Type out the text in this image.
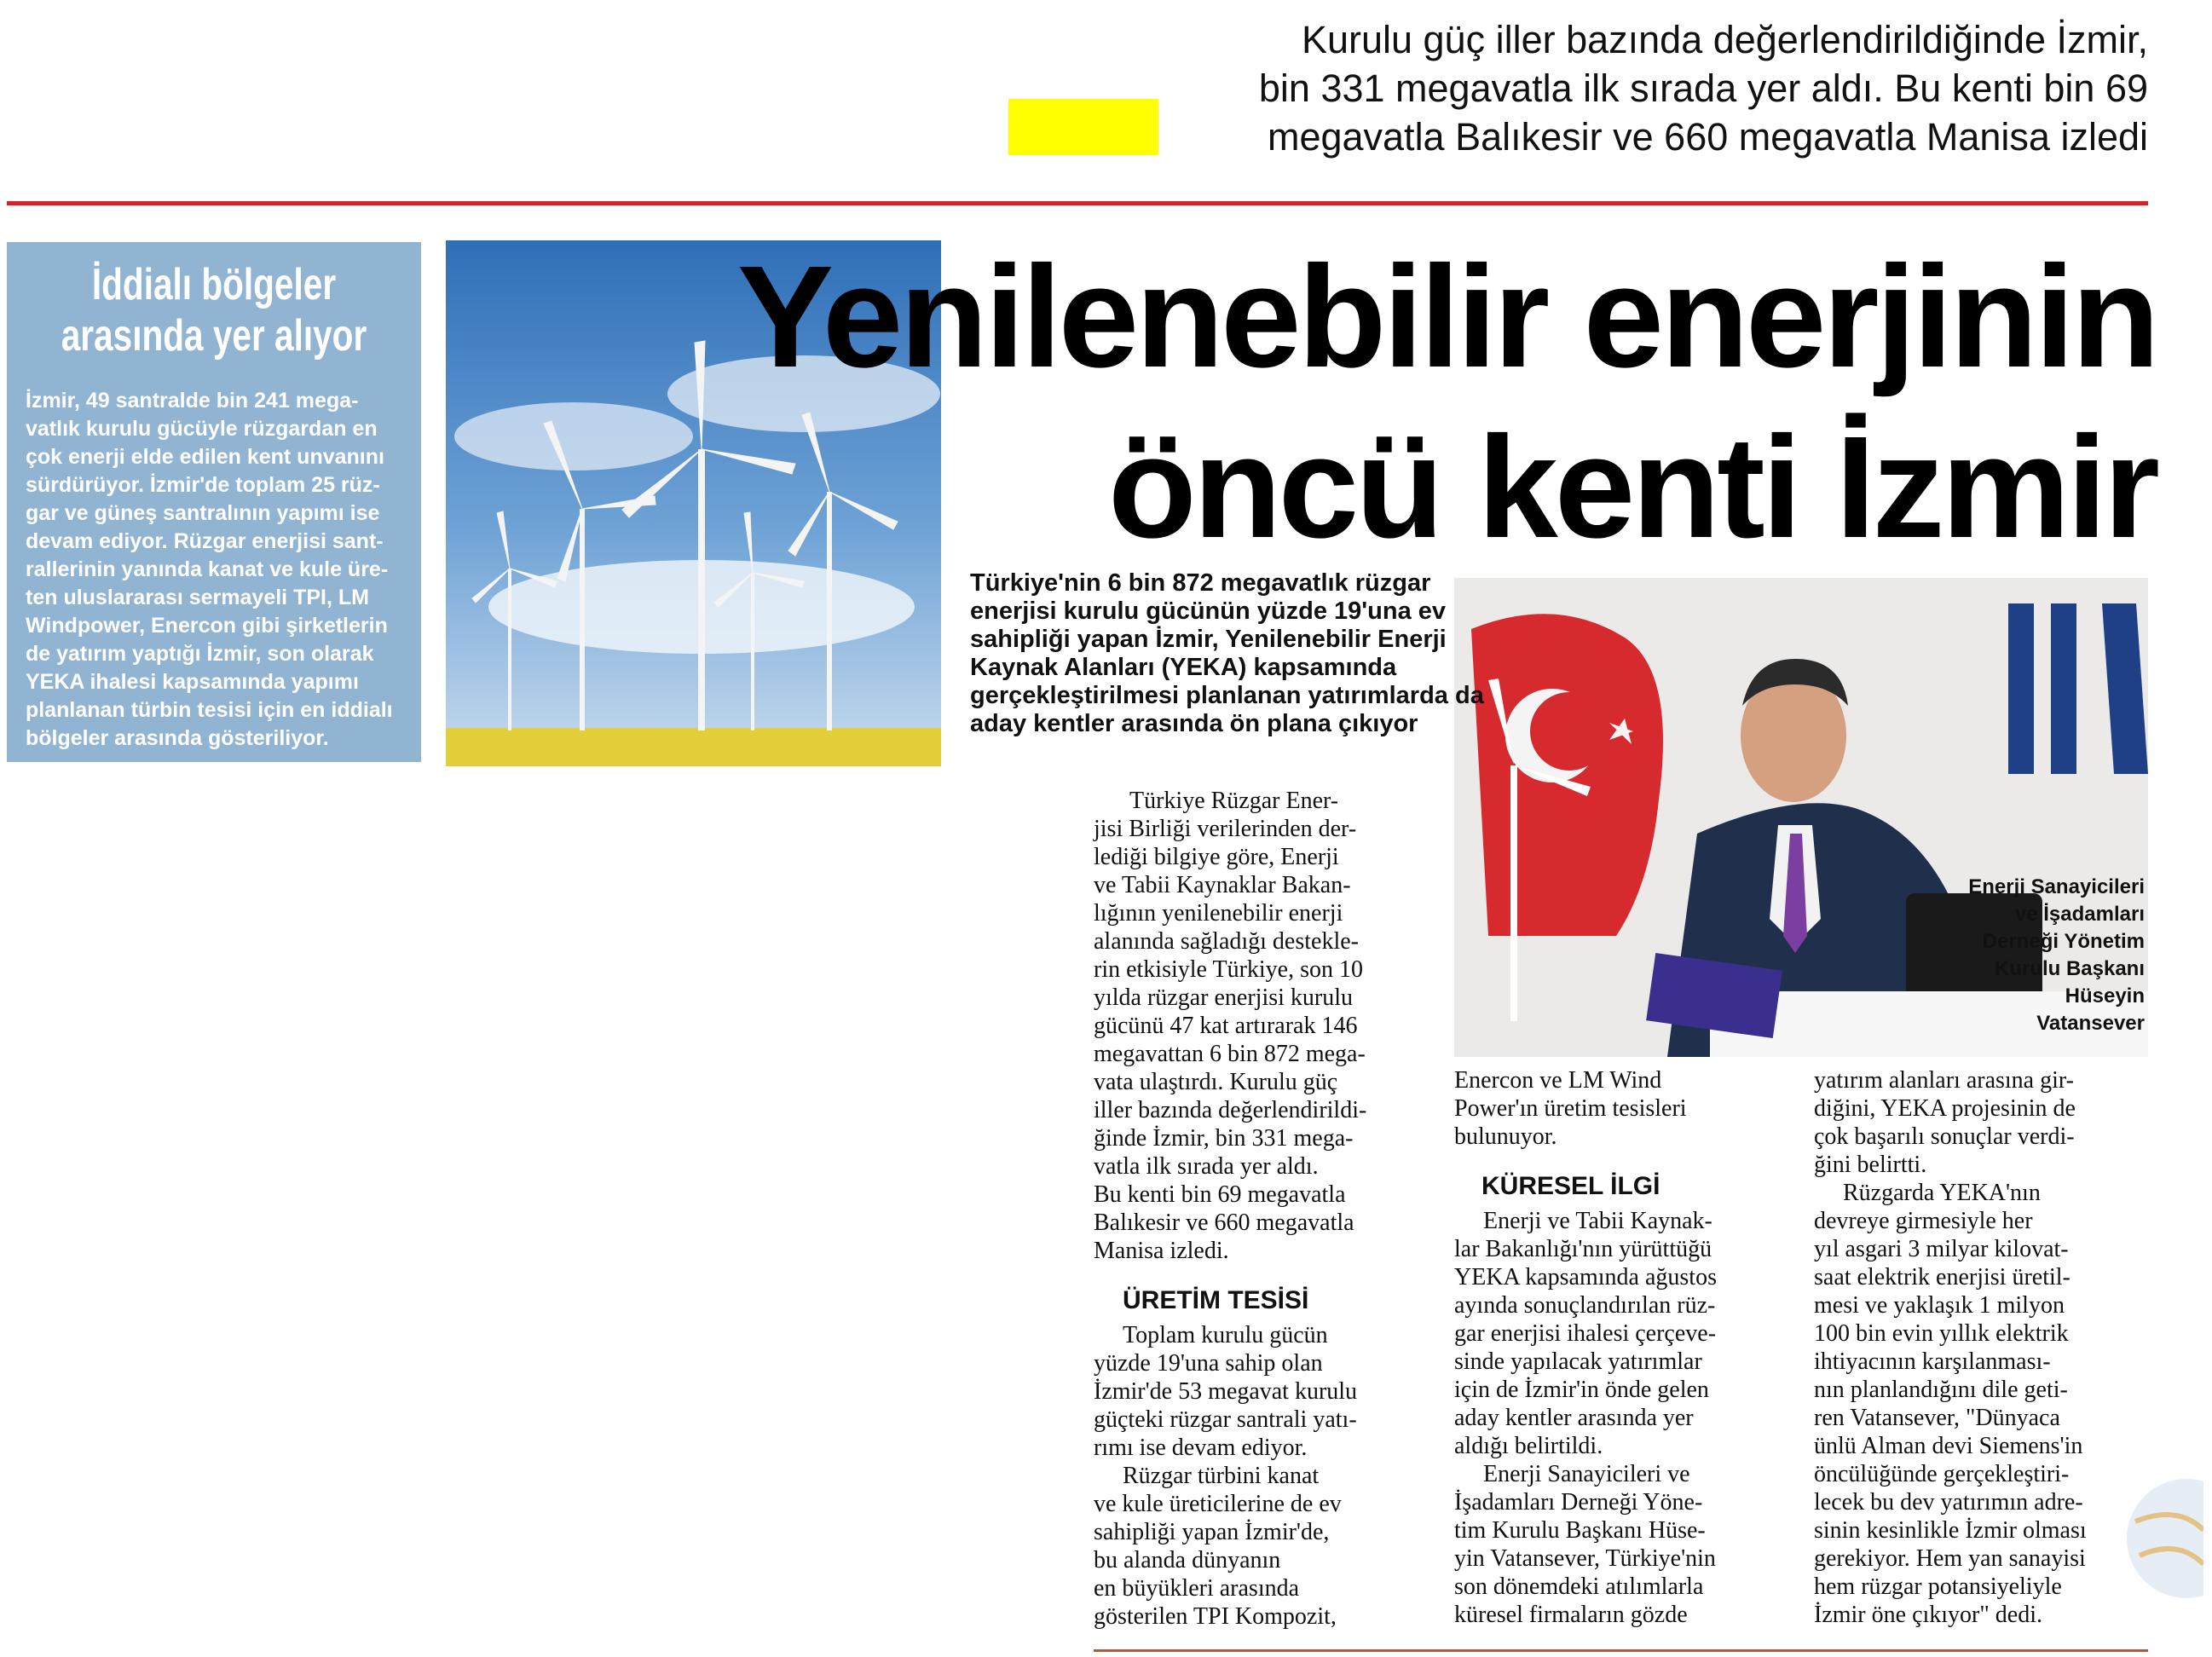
Kurulu güç iller bazında değerlendirildiğinde İzmir,
bin 331 megavatla ilk sırada yer aldı. Bu kenti bin 69
megavatla Balıkesir ve 660 megavatla Manisa izledi
İddialı bölgeler
arasında yer alıyor
İzmir, 49 santralde bin 241 mega-
vatlık kurulu gücüyle rüzgardan en
çok enerji elde edilen kent unvanını
sürdürüyor. İzmir'de toplam 25 rüz-
gar ve güneş santralının yapımı ise
devam ediyor. Rüzgar enerjisi sant-
rallerinin yanında kanat ve kule üre-
ten uluslararası sermayeli TPI, LM
Windpower, Enercon gibi şirketlerin
de yatırım yaptığı İzmir, son olarak
YEKA ihalesi kapsamında yapımı
planlanan türbin tesisi için en iddialı
bölgeler arasında gösteriliyor.
Yenilenebilir enerjinin
öncü kenti İzmir
Enerji Sanayicileri
ve İşadamları
Derneği Yönetim
Kurulu Başkanı
Hüseyin
Vatansever
Türkiye'nin 6 bin 872 megavatlık rüzgar
enerjisi kurulu gücünün yüzde 19'una ev
sahipliği yapan İzmir, Yenilenebilir Enerji
Kaynak Alanları (YEKA) kapsamında
gerçekleştirilmesi planlanan yatırımlarda da
aday kentler arasında ön plana çıkıyor
Türkiye Rüzgar Ener-
jisi Birliği verilerinden der-
lediği bilgiye göre, Enerji
ve Tabii Kaynaklar Bakan-
lığının yenilenebilir enerji
alanında sağladığı destekle-
rin etkisiyle Türkiye, son 10
yılda rüzgar enerjisi kurulu
gücünü 47 kat artırarak 146
megavattan 6 bin 872 mega-
vata ulaştırdı. Kurulu güç
iller bazında değerlendirildi-
ğinde İzmir, bin 331 mega-
vatla ilk sırada yer aldı.
Bu kenti bin 69 megavatla
Balıkesir ve 660 megavatla
Manisa izledi.
ÜRETİM TESİSİ
Toplam kurulu gücün
yüzde 19'una sahip olan
İzmir'de 53 megavat kurulu
güçteki rüzgar santrali yatı-
rımı ise devam ediyor.
Rüzgar türbini kanat
ve kule üreticilerine de ev
sahipliği yapan İzmir'de,
bu alanda dünyanın
en büyükleri arasında
gösterilen TPI Kompozit,
Enercon ve LM Wind
Power'ın üretim tesisleri
bulunuyor.
KÜRESEL İLGİ
Enerji ve Tabii Kaynak-
lar Bakanlığı'nın yürüttüğü
YEKA kapsamında ağustos
ayında sonuçlandırılan rüz-
gar enerjisi ihalesi çerçeve-
sinde yapılacak yatırımlar
için de İzmir'in önde gelen
aday kentler arasında yer
aldığı belirtildi.
Enerji Sanayicileri ve
İşadamları Derneği Yöne-
tim Kurulu Başkanı Hüse-
yin Vatansever, Türkiye'nin
son dönemdeki atılımlarla
küresel firmaların gözde
yatırım alanları arasına gir-
diğini, YEKA projesinin de
çok başarılı sonuçlar verdi-
ğini belirtti.
Rüzgarda YEKA'nın
devreye girmesiyle her
yıl asgari 3 milyar kilovat-
saat elektrik enerjisi üretil-
mesi ve yaklaşık 1 milyon
100 bin evin yıllık elektrik
ihtiyacının karşılanması-
nın planlandığını dile geti-
ren Vatansever, "Dünyaca
ünlü Alman devi Siemens'in
öncülüğünde gerçekleştiri-
lecek bu dev yatırımın adre-
sinin kesinlikle İzmir olması
gerekiyor. Hem yan sanayisi
hem rüzgar potansiyeliyle
İzmir öne çıkıyor" dedi.
